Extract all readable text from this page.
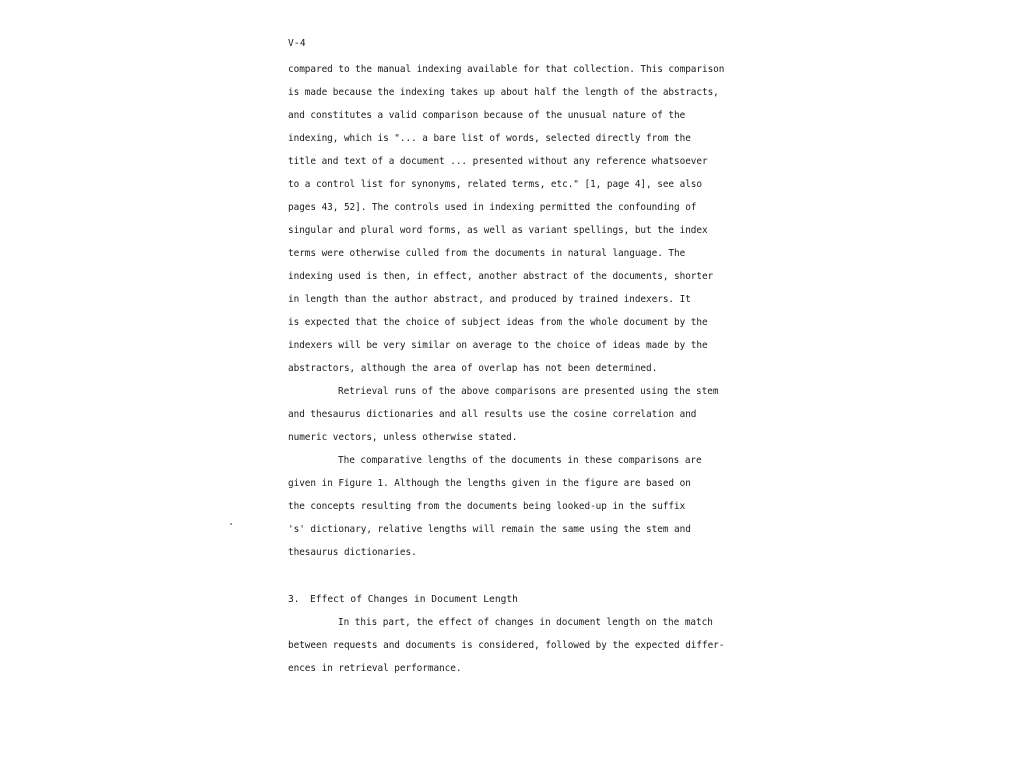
V-4
compared to the manual indexing available for that collection. This comparison
is made because the indexing takes up about half the length of the abstracts,
and constitutes a valid comparison because of the unusual nature of the
indexing, which is "... a bare list of words, selected directly from the
title and text of a document ... presented without any reference whatsoever
to a control list for synonyms, related terms, etc." [1, page 4], see also
pages 43, 52]. The controls used in indexing permitted the confounding of
singular and plural word forms, as well as variant spellings, but the index
terms were otherwise culled from the documents in natural language. The
indexing used is then, in effect, another abstract of the documents, shorter
in length than the author abstract, and produced by trained indexers. It
is expected that the choice of subject ideas from the whole document by the
indexers will be very similar on average to the choice of ideas made by the
abstractors, although the area of overlap has not been determined.
Retrieval runs of the above comparisons are presented using the stem
and thesaurus dictionaries and all results use the cosine correlation and
numeric vectors, unless otherwise stated.
The comparative lengths of the documents in these comparisons are
given in Figure 1. Although the lengths given in the figure are based on
the concepts resulting from the documents being looked-up in the suffix
's' dictionary, relative lengths will remain the same using the stem and
thesaurus dictionaries.
3. Effect of Changes in Document Length
In this part, the effect of changes in document length on the match
between requests and documents is considered, followed by the expected differ-
ences in retrieval performance.
